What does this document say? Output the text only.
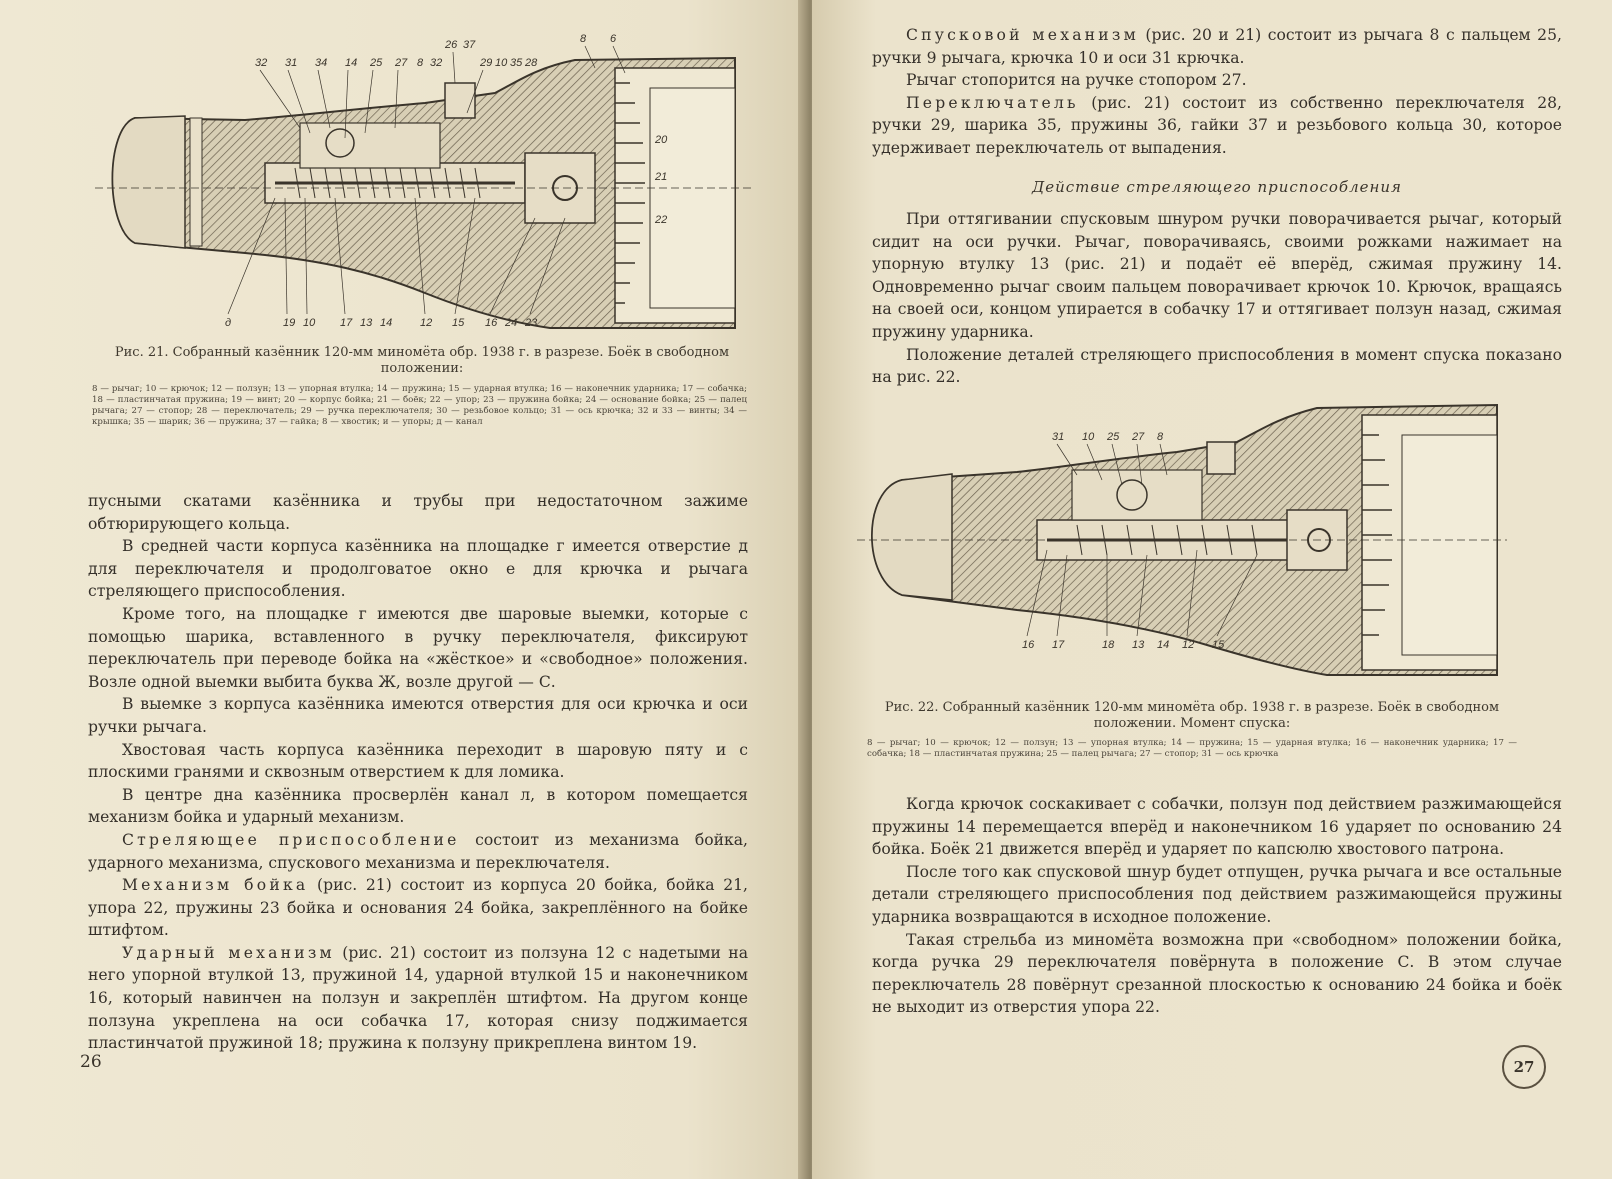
32 31 34 14 25 27 8 32
26 37
29 10 35 28
8 6
20
21
22
д	19 10 17 13 14	12 15 16 24 23
Рис. 21. Собранный казённик 120-мм миномёта обр. 1938 г. в разрезе. Боёк в свободном положении:
8 — рычаг; 10 — крючок; 12 — ползун; 13 — упорная втулка; 14 — пружина; 15 — ударная втулка; 16 — наконечник ударника; 17 — собачка; 18 — пластинчатая пружина; 19 — винт; 20 — корпус бойка; 21 — боёк; 22 — упор; 23 — пружина бойка; 24 — основание бойка; 25 — палец рычага; 27 — стопор; 28 — переключатель; 29 — ручка переключателя; 30 — резьбовое кольцо; 31 — ось крючка; 32 и 33 — винты; 34 — крышка; 35 — шарик; 36 — пружина; 37 — гайка; 8 — хвостик; и — упоры; д — канал

пусными скатами казённика и трубы при недостаточном зажиме обтюрирующего кольца.

В средней части корпуса казённика на площадке г имеется отверстие д для переключателя и продолговатое окно е для крючка и рычага стреляющего приспособления.

Кроме того, на площадке г имеются две шаровые выемки, которые с помощью шарика, вставленного в ручку переключателя, фиксируют переключатель при переводе бойка на «жёсткое» и «свободное» положения. Возле одной выемки выбита буква Ж, возле другой — С.

В выемке з корпуса казённика имеются отверстия для оси крючка и оси ручки рычага.

Хвостовая часть корпуса казённика переходит в шаровую пяту и с плоскими гранями и сквозным отверстием к для ломика.

В центре дна казённика просверлён канал л, в котором помещается механизм бойка и ударный механизм.

Стреляющее приспособление состоит из механизма бойка, ударного механизма, спускового механизма и переключателя.

Механизм бойка (рис. 21) состоит из корпуса 20 бойка, бойка 21, упора 22, пружины 23 бойка и основания 24 бойка, закреплённого на бойке штифтом.

Ударный механизм (рис. 21) состоит из ползуна 12 с надетыми на него упорной втулкой 13, пружиной 14, ударной втулкой 15 и наконечником 16, который навинчен на ползун и закреплён штифтом. На другом конце ползуна укреплена на оси собачка 17, которая снизу поджимается пластинчатой пружиной 18; пружина к ползуну прикреплена винтом 19.

26

Спусковой механизм (рис. 20 и 21) состоит из рычага 8 с пальцем 25, ручки 9 рычага, крючка 10 и оси 31 крючка.

Рычаг стопорится на ручке стопором 27.

Переключатель (рис. 21) состоит из собственно переключателя 28, ручки 29, шарика 35, пружины 36, гайки 37 и резьбового кольца 30, которое удерживает переключатель от выпадения.

Действие стреляющего приспособления

При оттягивании спусковым шнуром ручки поворачивается рычаг, который сидит на оси ручки. Рычаг, поворачиваясь, своими рожками нажимает на упорную втулку 13 (рис. 21) и подаёт её вперёд, сжимая пружину 14. Одновременно рычаг своим пальцем поворачивает крючок 10. Крючок, вращаясь на своей оси, концом упирается в собачку 17 и оттягивает ползун назад, сжимая пружину ударника.

Положение деталей стреляющего приспособления в момент спуска показано на рис. 22.

31 10 25 27 8
16 17	18 13 14 12 15
Рис. 22. Собранный казённик 120-мм миномёта обр. 1938 г. в разрезе. Боёк в свободном положении. Момент спуска:
8 — рычаг; 10 — крючок; 12 — ползун; 13 — упорная втулка; 14 — пружина; 15 — ударная втулка; 16 — наконечник ударника; 17 — собачка; 18 — пластинчатая пружина; 25 — палец рычага; 27 — стопор; 31 — ось крючка

Когда крючок соскакивает с собачки, ползун под действием разжимающейся пружины 14 перемещается вперёд и наконечником 16 ударяет по основанию 24 бойка. Боёк 21 движется вперёд и ударяет по капсюлю хвостового патрона.

После того как спусковой шнур будет отпущен, ручка рычага и все остальные детали стреляющего приспособления под действием разжимающейся пружины ударника возвращаются в исходное положение.

Такая стрельба из миномёта возможна при «свободном» положении бойка, когда ручка 29 переключателя повёрнута в положение С. В этом случае переключатель 28 повёрнут срезанной плоскостью к основанию 24 бойка и боёк не выходит из отверстия упора 22.

27
